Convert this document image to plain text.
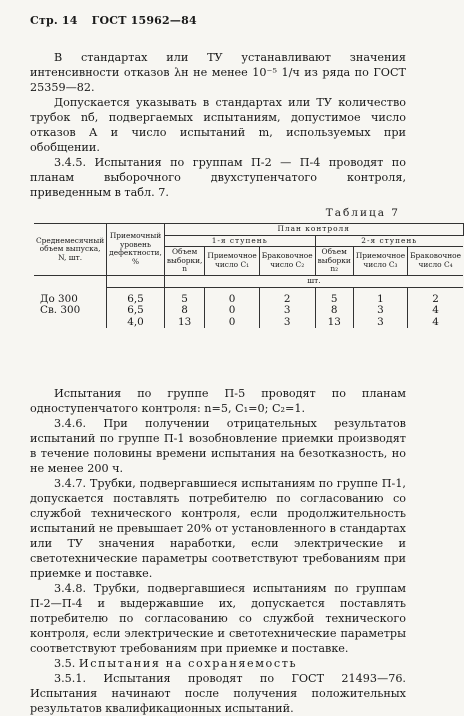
Стр. 14 ГОСТ 15962—84

В стандартах или ТУ устанавливают значения интенсивности отказов λн не менее 10⁻⁵ 1/ч из ряда по ГОСТ 25359—82.

Допускается указывать в стандартах или ТУ количество трубок nб, подвергаемых испытаниям, допустимое число отказов A и число испытаний m, используемых при обобщении.

3.4.5. Испытания по группам П-2 — П-4 проводят по планам выборочного двухступенчатого контроля, приведенным в табл. 7.

Таблица 7
Среднемесячный объем выпуска, N, шт.	Приемочный уровень дефектности, %	План контроля					
		1-я ступень			2-я ступень		
		Объем выборки, n	Приемочное число C₁	Браковочное число C₂	Объем выборки n₂	Приемочное число C₃	Браковочное число C₄
		шт.					

До 300	6,5	5	0	2	5	1	2
Св. 300	6,5	8	0	3	8	3	4
	4,0	13	0	3	13	3	4

Испытания по группе П-5 проводят по планам одноступенчатого контроля: n=5, C₁=0; C₂=1.

3.4.6. При получении отрицательных результатов испытаний по группе П-1 возобновление приемки производят в течение половины времени испытания на безотказность, но не менее 200 ч.

3.4.7. Трубки, подвергавшиеся испытаниям по группе П-1, допускается поставлять потребителю по согласованию со службой технического контроля, если продолжительность испытаний не превышает 20% от установленного в стандартах или ТУ значения наработки, если электрические и светотехнические параметры соответствуют требованиям при приемке и поставке.

3.4.8. Трубки, подвергавшиеся испытаниям по группам П-2—П-4 и выдержавшие их, допускается поставлять потребителю по согласованию со службой технического контроля, если электрические и светотехнические параметры соответствуют требованиям при приемке и поставке.

3.5. Испытания на сохраняемость

3.5.1. Испытания проводят по ГОСТ 21493—76. Испытания начинают после получения положительных результатов квалификационных испытаний.
